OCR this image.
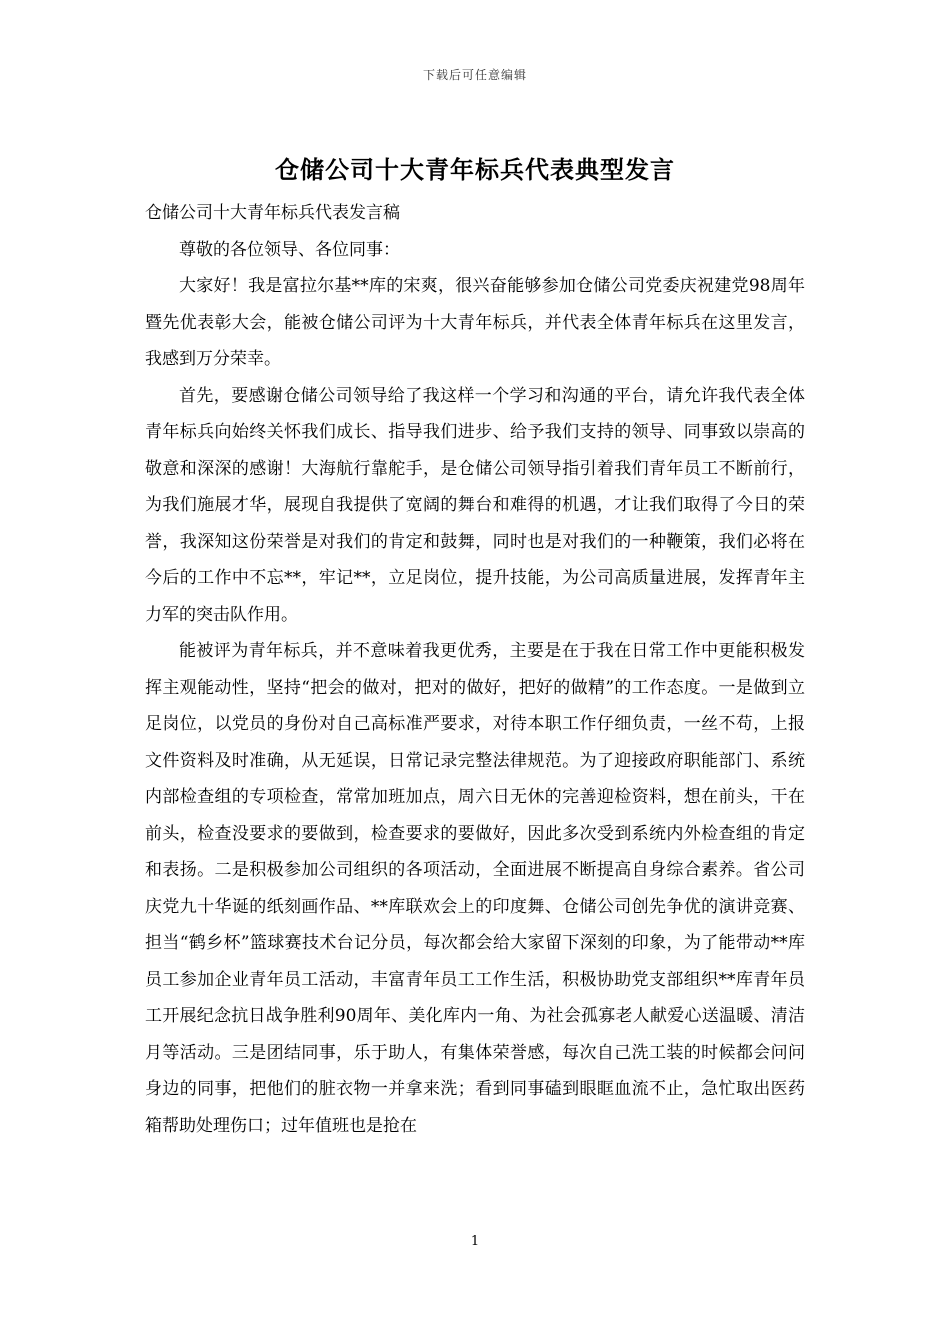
下载后可任意编辑
仓储公司十大青年标兵代表典型发言

仓储公司十大青年标兵代表发言稿

尊敬的各位领导、各位同事：

大家好！我是富拉尔基**库的宋爽，很兴奋能够参加仓储公司党委庆祝建党98周年暨先优表彰大会，能被仓储公司评为十大青年标兵，并代表全体青年标兵在这里发言，我感到万分荣幸。

首先，要感谢仓储公司领导给了我这样一个学习和沟通的平台，请允许我代表全体青年标兵向始终关怀我们成长、指导我们进步、给予我们支持的领导、同事致以崇高的敬意和深深的感谢！大海航行靠舵手，是仓储公司领导指引着我们青年员工不断前行，为我们施展才华，展现自我提供了宽阔的舞台和难得的机遇，才让我们取得了今日的荣誉，我深知这份荣誉是对我们的肯定和鼓舞，同时也是对我们的一种鞭策，我们必将在今后的工作中不忘**，牢记**，立足岗位，提升技能，为公司高质量进展，发挥青年主力军的突击队作用。

能被评为青年标兵，并不意味着我更优秀，主要是在于我在日常工作中更能积极发挥主观能动性，坚持“把会的做对，把对的做好，把好的做精”的工作态度。一是做到立足岗位，以党员的身份对自己高标准严要求，对待本职工作仔细负责，一丝不苟，上报文件资料及时准确，从无延误，日常记录完整法律规范。为了迎接政府职能部门、系统内部检查组的专项检查，常常加班加点，周六日无休的完善迎检资料，想在前头，干在前头，检查没要求的要做到，检查要求的要做好，因此多次受到系统内外检查组的肯定和表扬。二是积极参加公司组织的各项活动，全面进展不断提高自身综合素养。省公司庆党九十华诞的纸刻画作品、**库联欢会上的印度舞、仓储公司创先争优的演讲竞赛、担当“鹤乡杯”篮球赛技术台记分员，每次都会给大家留下深刻的印象，为了能带动**库员工参加企业青年员工活动，丰富青年员工工作生活，积极协助党支部组织**库青年员工开展纪念抗日战争胜利90周年、美化库内一角、为社会孤寡老人献爱心送温暖、清洁月等活动。三是团结同事，乐于助人，有集体荣誉感，每次自己洗工装的时候都会问问身边的同事，把他们的脏衣物一并拿来洗；看到同事磕到眼眶血流不止，急忙取出医药箱帮助处理伤口；过年值班也是抢在

1
